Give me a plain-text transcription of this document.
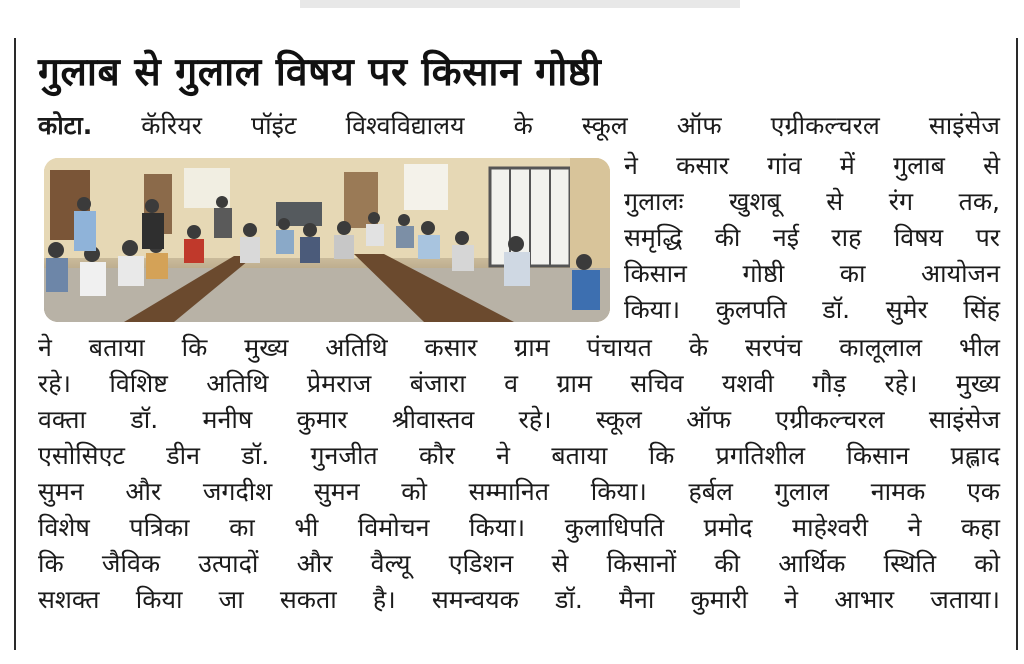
गुलाब से गुलाल विषय पर किसान गोष्ठी
कोटा. कॅरियर पॉइंट विश्वविद्यालय के स्कूल ऑफ एग्रीकल्चरल साइंसेज
ने कसार गांव में गुलाब से
गुलालः खुशबू से रंग तक,
समृद्धि की नई राह विषय पर
किसान गोष्ठी का आयोजन
किया। कुलपति डॉ. सुमेर सिंह
ने बताया कि मुख्य अतिथि कसार ग्राम पंचायत के सरपंच कालूलाल भील
रहे। विशिष्ट अतिथि प्रेमराज बंजारा व ग्राम सचिव यशवी गौड़ रहे। मुख्य
वक्ता डॉ. मनीष कुमार श्रीवास्तव रहे। स्कूल ऑफ एग्रीकल्चरल साइंसेज
एसोसिएट डीन डॉ. गुनजीत कौर ने बताया कि प्रगतिशील किसान प्रह्लाद
सुमन और जगदीश सुमन को सम्मानित किया। हर्बल गुलाल नामक एक
विशेष पत्रिका का भी विमोचन किया। कुलाधिपति प्रमोद माहेश्वरी ने कहा
कि जैविक उत्पादों और वैल्यू एडिशन से किसानों की आर्थिक स्थिति को
सशक्त किया जा सकता है। समन्वयक डॉ. मैना कुमारी ने आभार जताया।
